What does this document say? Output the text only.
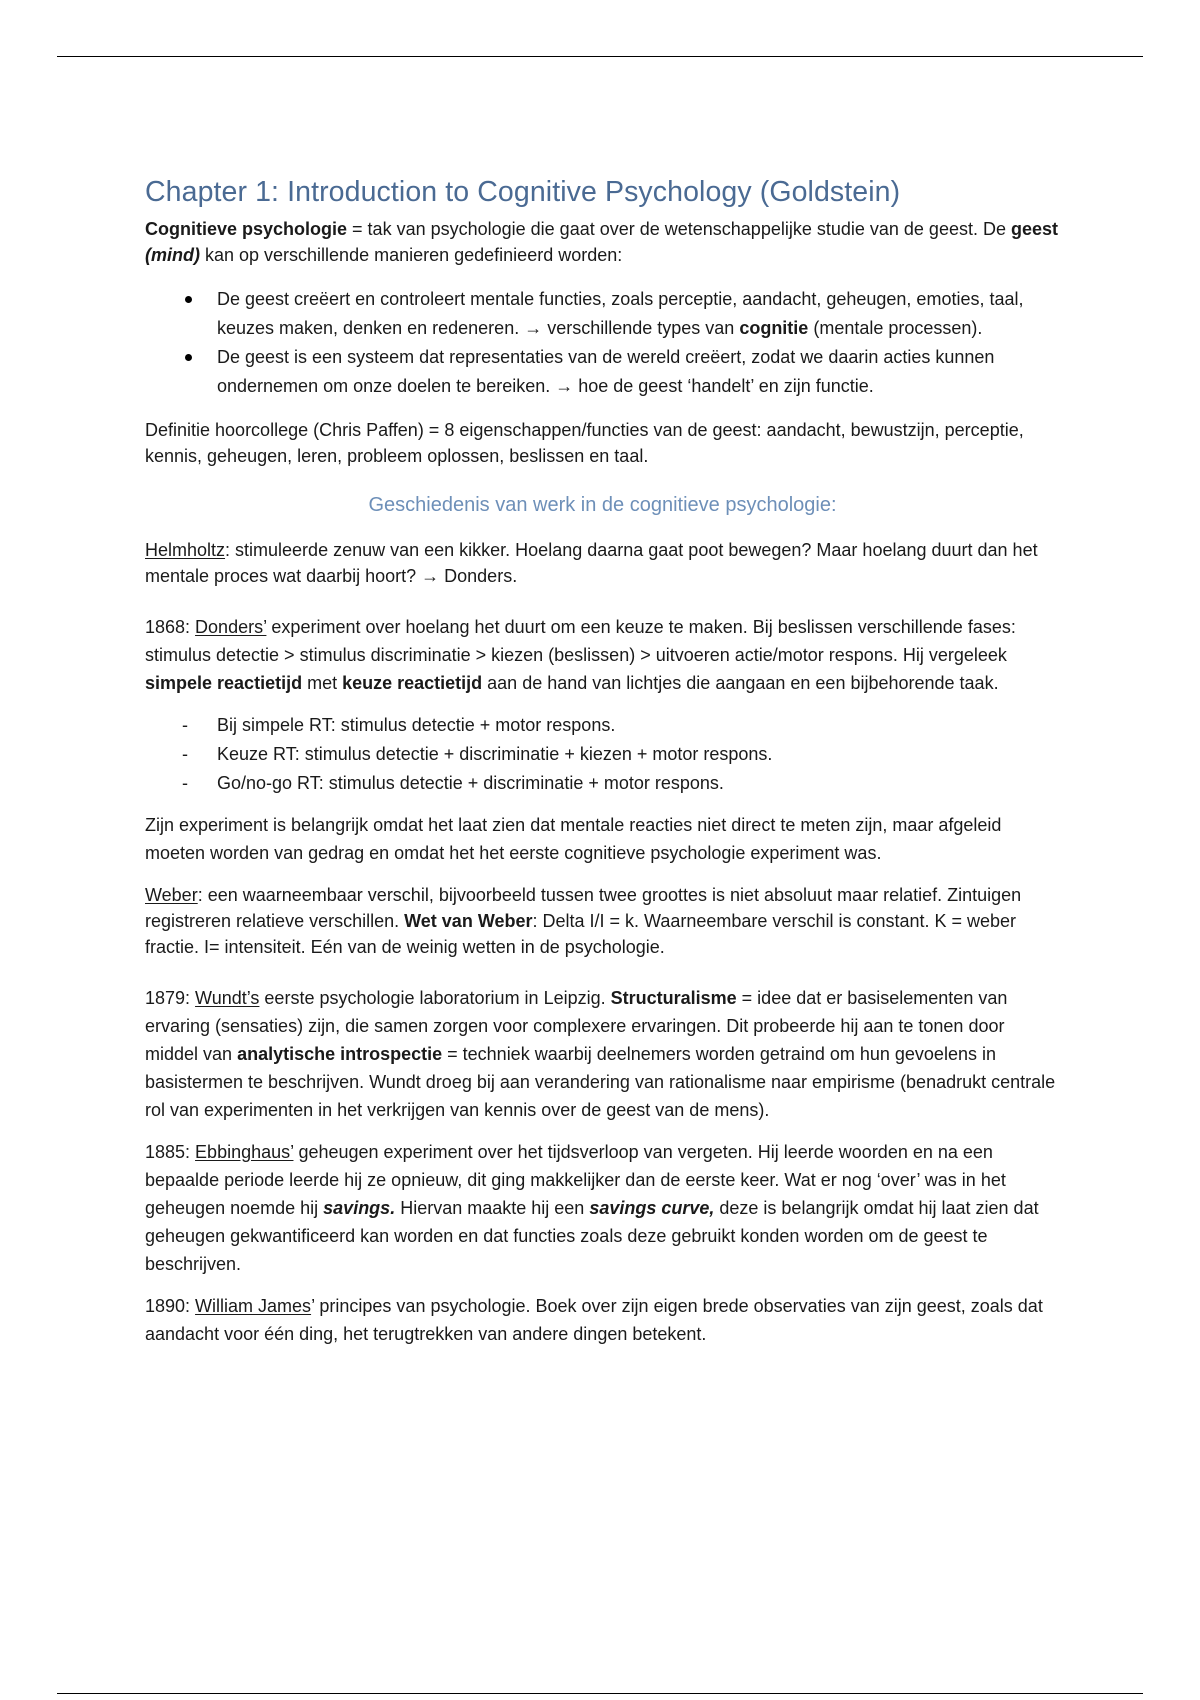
Chapter 1: Introduction to Cognitive Psychology (Goldstein)

Cognitieve psychologie = tak van psychologie die gaat over de wetenschappelijke studie van de geest. De geest (mind) kan op verschillende manieren gedefinieerd worden:

De geest creëert en controleert mentale functies, zoals perceptie, aandacht, geheugen, emoties, taal, keuzes maken, denken en redeneren. → verschillende types van cognitie (mentale processen).
De geest is een systeem dat representaties van de wereld creëert, zodat we daarin acties kunnen ondernemen om onze doelen te bereiken. → hoe de geest ‘handelt’ en zijn functie.

Definitie hoorcollege (Chris Paffen) = 8 eigenschappen/functies van de geest: aandacht, bewustzijn, perceptie, kennis, geheugen, leren, probleem oplossen, beslissen en taal.

Geschiedenis van werk in de cognitieve psychologie:

Helmholtz: stimuleerde zenuw van een kikker. Hoelang daarna gaat poot bewegen? Maar hoelang duurt dan het mentale proces wat daarbij hoort? → Donders.

1868: Donders’ experiment over hoelang het duurt om een keuze te maken. Bij beslissen verschillende fases: stimulus detectie > stimulus discriminatie > kiezen (beslissen) > uitvoeren actie/motor respons. Hij vergeleek simpele reactietijd met keuze reactietijd aan de hand van lichtjes die aangaan en een bijbehorende taak.

- Bij simpele RT: stimulus detectie + motor respons.
- Keuze RT: stimulus detectie + discriminatie + kiezen + motor respons.
- Go/no-go RT: stimulus detectie + discriminatie + motor respons.

Zijn experiment is belangrijk omdat het laat zien dat mentale reacties niet direct te meten zijn, maar afgeleid moeten worden van gedrag en omdat het het eerste cognitieve psychologie experiment was.

Weber: een waarneembaar verschil, bijvoorbeeld tussen twee groottes is niet absoluut maar relatief. Zintuigen registreren relatieve verschillen. Wet van Weber: Delta I/I = k. Waarneembare verschil is constant. K = weber fractie. I= intensiteit. Eén van de weinig wetten in de psychologie.

1879: Wundt’s eerste psychologie laboratorium in Leipzig. Structuralisme = idee dat er basiselementen van ervaring (sensaties) zijn, die samen zorgen voor complexere ervaringen. Dit probeerde hij aan te tonen door middel van analytische introspectie = techniek waarbij deelnemers worden getraind om hun gevoelens in basistermen te beschrijven. Wundt droeg bij aan verandering van rationalisme naar empirisme (benadrukt centrale rol van experimenten in het verkrijgen van kennis over de geest van de mens).

1885: Ebbinghaus’ geheugen experiment over het tijdsverloop van vergeten. Hij leerde woorden en na een bepaalde periode leerde hij ze opnieuw, dit ging makkelijker dan de eerste keer. Wat er nog ‘over’ was in het geheugen noemde hij savings. Hiervan maakte hij een savings curve, deze is belangrijk omdat hij laat zien dat geheugen gekwantificeerd kan worden en dat functies zoals deze gebruikt konden worden om de geest te beschrijven.

1890: William James’ principes van psychologie. Boek over zijn eigen brede observaties van zijn geest, zoals dat aandacht voor één ding, het terugtrekken van andere dingen betekent.
